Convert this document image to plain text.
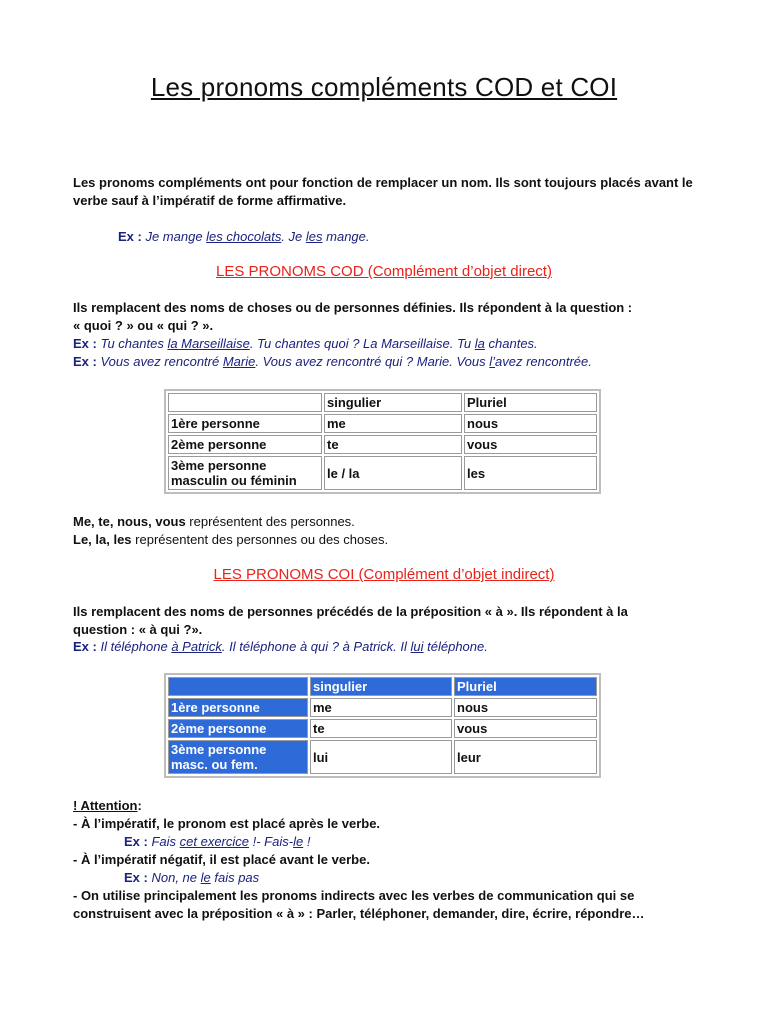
Les pronoms compléments COD et COI
Les pronoms compléments ont pour fonction de remplacer un nom. Ils sont toujours placés avant le verbe sauf à l’impératif de forme affirmative.
Ex : Je mange les chocolats. Je les mange.
LES PRONOMS COD (Complément d’objet direct)
Ils remplacent des noms de choses ou de personnes définies. Ils répondent à la question :
« quoi ? » ou « qui ? ».
Ex : Tu chantes la Marseillaise. Tu chantes quoi ? La Marseillaise. Tu la chantes.
Ex : Vous avez rencontré Marie. Vous avez rencontré qui ? Marie. Vous l’avez rencontrée.
	singulier	Pluriel
1ère personne	me	nous
2ème personne	te	vous
3ème personne masculin ou féminin	le / la	les
Me, te, nous, vous représentent des personnes.
Le, la, les représentent des personnes ou des choses.
LES PRONOMS COI (Complément d’objet indirect)
Ils remplacent des noms de personnes précédés de la préposition « à ». Ils répondent à la
question : « à qui ?».
Ex : Il téléphone à Patrick. Il téléphone à qui ? à Patrick. Il lui téléphone.
	singulier	Pluriel
1ère personne	me	nous
2ème personne	te	vous
3ème personne masc. ou fem.	lui	leur
! Attention:
- À l’impératif, le pronom est placé après le verbe.
Ex : Fais cet exercice !- Fais-le !
- À l’impératif négatif, il est placé avant le verbe.
Ex : Non, ne le fais pas
- On utilise principalement les pronoms indirects avec les verbes de communication qui se
construisent avec la préposition « à » : Parler, téléphoner, demander, dire, écrire, répondre…
